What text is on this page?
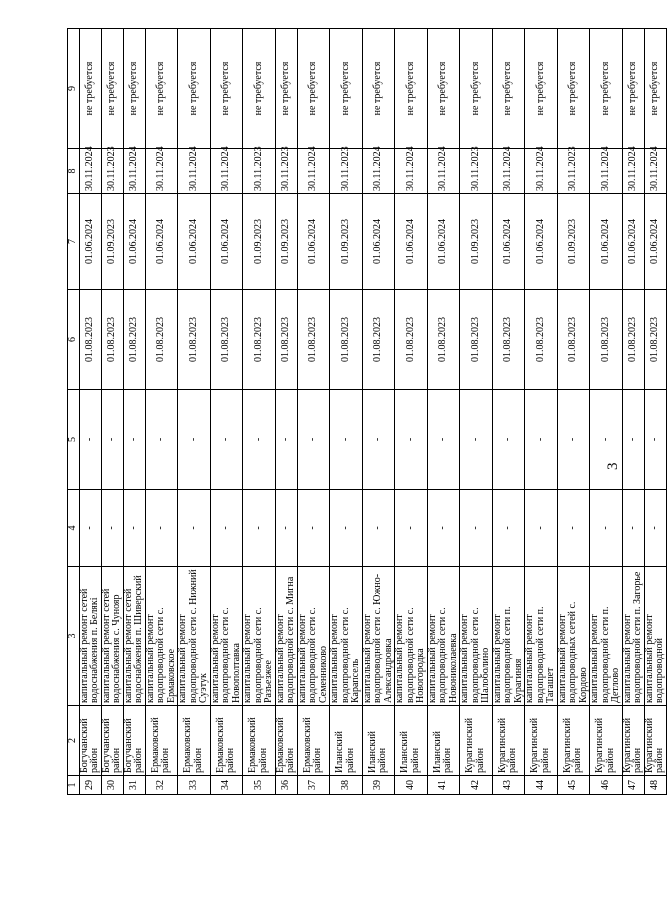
3
1	2	3	4	5	6	7	8	9
29	Богучанский район	капитальный ремонт сетей водоснабжения п. Белякі	-	-	01.08.2023	01.06.2024	30.11.2024	не требуется
30	Богучанский район	капитальный ремонт сетей водоснабжения с. Чунояр	-	-	01.08.2023	01.09.2023	30.11.2023	не требуется
31	Богучанский район	капитальный ремонт сетей водоснабжения п. Шиверский	-	-	01.08.2023	01.06.2024	30.11.2024	не требуется
32	Ермаковский район	капитальный ремонт водопроводной сети с. Ермаковское	-	-	01.08.2023	01.06.2024	30.11.2024	не требуется
33	Ермаковский район	капитальный ремонт водопроводной сети с. Нижний Суэтук	-	-	01.08.2023	01.06.2024	30.11.2024	не требуется
34	Ермаковский район	капитальный ремонт водопроводной сети с. Новополтавка	-	-	01.08.2023	01.06.2024	30.11.2024	не требуется
35	Ермаковский район	капитальный ремонт водопроводной сети с. Разъезжее	-	-	01.08.2023	01.09.2023	30.11.2023	не требуется
36	Ермаковский район	капитальный ремонт водопроводной сети с. Мигна	-	-	01.08.2023	01.09.2023	30.11.2023	не требуется
37	Ермаковский район	капитальный ремонт водопроводной сети с. Семенниково	-	-	01.08.2023	01.06.2024	30.11.2024	не требуется
38	Иланский район	капитальный ремонт водопроводной сети с. Карапсель	-	-	01.08.2023	01.09.2023	30.11.2023	не требуется
39	Иланский район	капитальный ремонт водопроводной сети с. Южно-Александровка	-	-	01.08.2023	01.06.2024	30.11.2024	не требуется
40	Иланский район	капитальный ремонт водопроводной сети с. Новогородка	-	-	01.08.2023	01.06.2024	30.11.2024	не требуется
41	Иланский район	капитальный ремонт водопроводной сети с. Новониколаевка	-	-	01.08.2023	01.06.2024	30.11.2024	не требуется
42	Курагинский район	капитальный ремонт водопроводной сети с. Шалоболино	-	-	01.08.2023	01.09.2023	30.11.2023	не требуется
43	Курагинский район	капитальный ремонт водопроводной сети п. Курагиняя	-	-	01.08.2023	01.06.2024	30.11.2024	не требуется
44	Курагинский район	капитальный ремонт водопроводной сети п. Тагашет	-	-	01.08.2023	01.06.2024	30.11.2024	не требуется
45	Курагинский район	капитальный ремонт водопроводных сетей с. Кордово	-	-	01.08.2023	01.09.2023	30.11.2023	не требуется
46	Курагинский район	капитальный ремонт водопроводной сети п. Детлово	-	-	01.08.2023	01.06.2024	30.11.2024	не требуется
47	Курагинский район	капитальный ремонт водопроводной сети п. Загорье	-	-	01.08.2023	01.06.2024	30.11.2024	не требуется
48	Курагинский район	капитальный ремонт водопроводной	-	-	01.08.2023	01.06.2024	30.11.2024	не требуется
